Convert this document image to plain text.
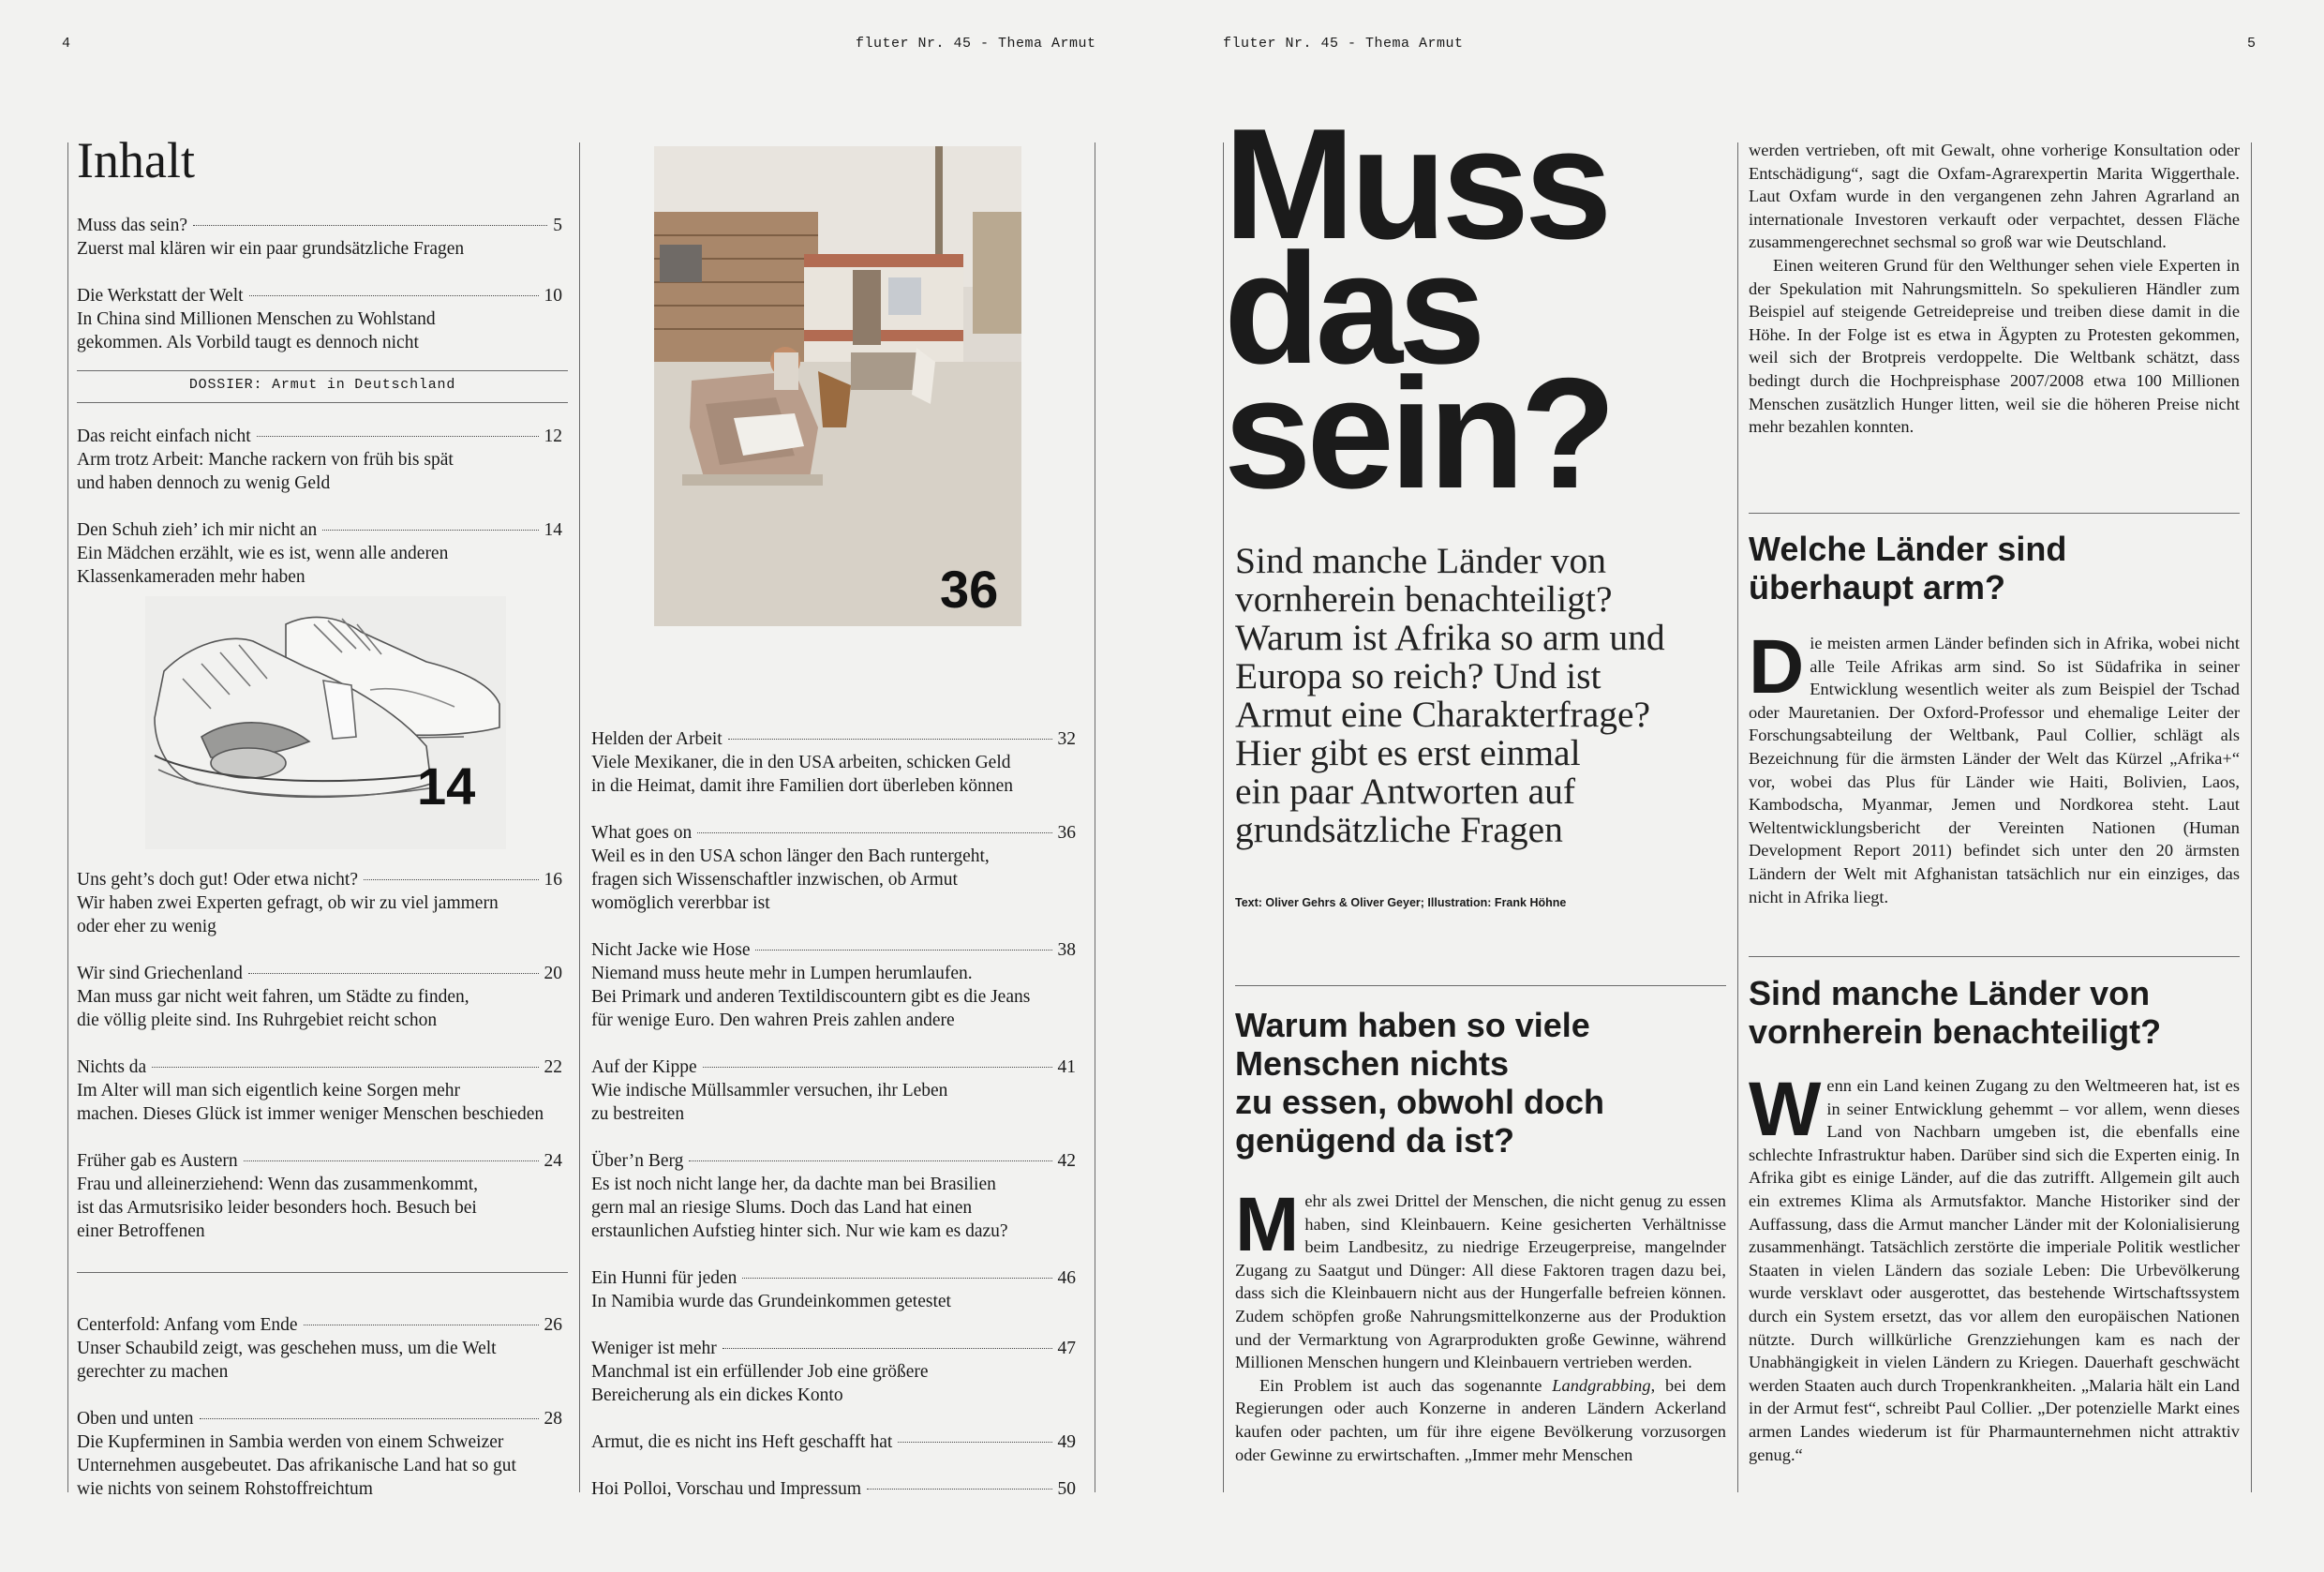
4	fluter Nr. 45 - Thema Armut	fluter Nr. 45 - Thema Armut	5
Inhalt
DOSSIER: Armut in Deutschland
Muss das sein?	5
Zuerst mal klären wir ein paar grundsätzliche Fragen
Die Werkstatt der Welt	10
In China sind Millionen Menschen zu Wohlstand
gekommen. Als Vorbild taugt es dennoch nicht
Das reicht einfach nicht	12
Arm trotz Arbeit: Manche rackern von früh bis spät
und haben dennoch zu wenig Geld
Den Schuh zieh’ ich mir nicht an	14
Ein Mädchen erzählt, wie es ist, wenn alle anderen
Klassenkameraden mehr haben
Uns geht’s doch gut! Oder etwa nicht?	16
Wir haben zwei Experten gefragt, ob wir zu viel jammern
oder eher zu wenig
Wir sind Griechenland	20
Man muss gar nicht weit fahren, um Städte zu finden,
die völlig pleite sind. Ins Ruhrgebiet reicht schon
Nichts da	22
Im Alter will man sich eigentlich keine Sorgen mehr
machen. Dieses Glück ist immer weniger Menschen beschieden
Früher gab es Austern	24
Frau und alleinerziehend: Wenn das zusammenkommt,
ist das Armutsrisiko leider besonders hoch. Besuch bei
einer Betroffenen
Centerfold: Anfang vom Ende	26
Unser Schaubild zeigt, was geschehen muss, um die Welt
gerechter zu machen
Oben und unten	28
Die Kupferminen in Sambia werden von einem Schweizer
Unternehmen ausgebeutet. Das afrikanische Land hat so gut
wie nichts von seinem Rohstoffreichtum
Helden der Arbeit	32
Viele Mexikaner, die in den USA arbeiten, schicken Geld
in die Heimat, damit ihre Familien dort überleben können
What goes on	36
Weil es in den USA schon länger den Bach runtergeht,
fragen sich Wissenschaftler inzwischen, ob Armut
womöglich vererbbar ist
Nicht Jacke wie Hose	38
Niemand muss heute mehr in Lumpen herumlaufen.
Bei Primark und anderen Textildiscountern gibt es die Jeans
für wenige Euro. Den wahren Preis zahlen andere
Auf der Kippe	41
Wie indische Müllsammler versuchen, ihr Leben
zu bestreiten
Über’n Berg	42
Es ist noch nicht lange her, da dachte man bei Brasilien
gern mal an riesige Slums. Doch das Land hat einen
erstaunlichen Aufstieg hinter sich. Nur wie kam es dazu?
Ein Hunni für jeden	46
In Namibia wurde das Grundeinkommen getestet
Weniger ist mehr	47
Manchmal ist ein erfüllender Job eine größere
Bereicherung als ein dickes Konto
Armut, die es nicht ins Heft geschafft hat	49
Hoi Polloi, Vorschau und Impressum	50
14
36
Muss
das
sein?
Sind manche Länder von
vornherein benachteiligt?
Warum ist Afrika so arm und
Europa so reich? Und ist
Armut eine Charakterfrage?
Hier gibt es erst einmal
ein paar Antworten auf
grundsätzliche Fragen
Text: Oliver Gehrs & Oliver Geyer; Illustration: Frank Höhne
Warum haben so viele
Menschen nichts
zu essen, obwohl doch
genügend da ist?

Mehr als zwei Drittel der Menschen, die nicht genug zu essen haben, sind Kleinbauern. Keine gesicherten Verhältnisse beim Landbesitz, zu niedrige Erzeugerpreise, mangelnder Zugang zu Saatgut und Dünger: All diese Faktoren tragen dazu bei, dass sich die Kleinbauern nicht aus der Hungerfalle befreien können. Zudem schöpfen große Nahrungsmittelkonzerne aus der Produktion und der Vermarktung von Agrarprodukten große Gewinne, während Millionen Menschen hungern und Kleinbauern vertrieben werden.

Ein Problem ist auch das sogenannte Landgrabbing, bei dem Regierungen oder auch Konzerne in anderen Ländern Ackerland kaufen oder pachten, um für ihre eigene Bevölkerung vorzusorgen oder Gewinne zu erwirtschaften. „Immer mehr Menschen

werden vertrieben, oft mit Gewalt, ohne vorherige Konsultation oder Entschädigung“, sagt die Oxfam-Agrarexpertin Marita Wiggerthale. Laut Oxfam wurde in den vergangenen zehn Jahren Agrarland an internationale Investoren verkauft oder verpachtet, dessen Fläche zusammengerechnet sechsmal so groß war wie Deutschland.

Einen weiteren Grund für den Welthunger sehen viele Experten in der Spekulation mit Nahrungsmitteln. So spekulieren Händler zum Beispiel auf steigende Getreidepreise und treiben diese damit in die Höhe. In der Folge ist es etwa in Ägypten zu Protesten gekommen, weil sich der Brotpreis verdoppelte. Die Weltbank schätzt, dass bedingt durch die Hochpreisphase 2007/2008 etwa 100 Millionen Menschen zusätzlich Hunger litten, weil sie die höheren Preise nicht mehr bezahlen konnten.

Welche Länder sind
überhaupt arm?

Die meisten armen Länder befinden sich in Afrika, wobei nicht alle Teile Afrikas arm sind. So ist Südafrika in seiner Entwicklung wesentlich weiter als zum Beispiel der Tschad oder Mauretanien. Der Oxford-Professor und ehemalige Leiter der Forschungsabteilung der Weltbank, Paul Collier, schlägt als Bezeichnung für die ärmsten Länder der Welt das Kürzel „Afrika+“ vor, wobei das Plus für Länder wie Haiti, Bolivien, Laos, Kambodscha, Myanmar, Jemen und Nordkorea steht. Laut Weltentwicklungsbericht der Vereinten Nationen (Human Development Report 2011) befindet sich unter den 20 ärmsten Ländern der Welt mit Afghanistan tatsächlich nur ein einziges, das nicht in Afrika liegt.

Sind manche Länder von
vornherein benachteiligt?

Wenn ein Land keinen Zugang zu den Weltmeeren hat, ist es in seiner Entwicklung gehemmt – vor allem, wenn dieses Land von Nachbarn umgeben ist, die ebenfalls eine schlechte Infrastruktur haben. Darüber sind sich die Experten einig. In Afrika gibt es einige Länder, auf die das zutrifft. Allgemein gilt auch ein extremes Klima als Armutsfaktor. Manche Historiker sind der Auffassung, dass die Armut mancher Länder mit der Kolonialisierung zusammenhängt. Tatsächlich zerstörte die imperiale Politik westlicher Staaten in vielen Ländern das soziale Leben: Die Urbevölkerung wurde versklavt oder ausgerottet, das bestehende Wirtschaftssystem durch ein System ersetzt, das vor allem den europäischen Nationen nützte. Durch willkürliche Grenzziehungen kam es nach der Unabhängigkeit in vielen Ländern zu Kriegen. Dauerhaft geschwächt werden Staaten auch durch Tropenkrankheiten. „Malaria hält ein Land in der Armut fest“, schreibt Paul Collier. „Der potenzielle Markt eines armen Landes wiederum ist für Pharmaunternehmen nicht attraktiv genug.“
